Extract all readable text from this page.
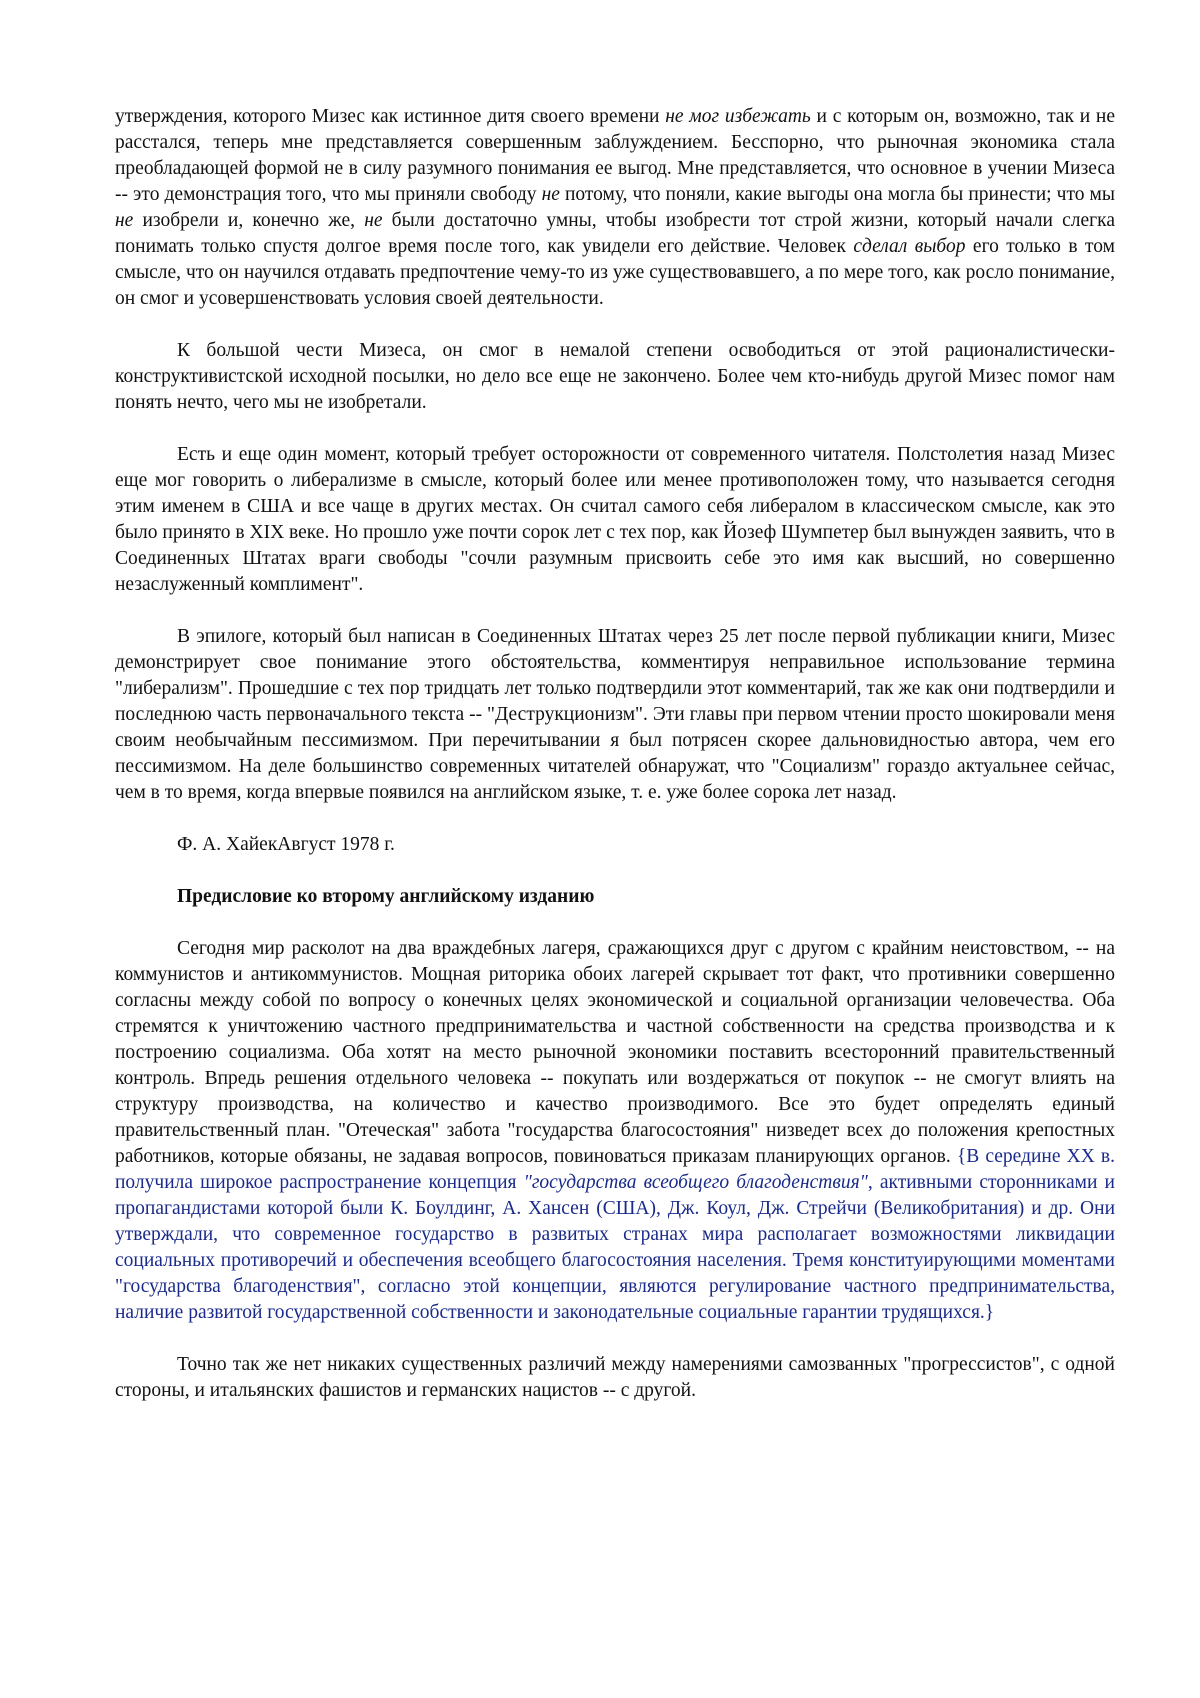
утверждения, которого Мизес как истинное дитя своего времени не мог избежать и с которым он, возможно, так и не расстался, теперь мне представляется совершенным заблуждением. Бесспорно, что рыночная экономика стала преобладающей формой не в силу разумного понимания ее выгод. Мне представляется, что основное в учении Мизеса -- это демонстрация того, что мы приняли свободу не потому, что поняли, какие выгоды она могла бы принести; что мы не изобрели и, конечно же, не были достаточно умны, чтобы изобрести тот строй жизни, который начали слегка понимать только спустя долгое время после того, как увидели его действие. Человек сделал выбор его только в том смысле, что он научился отдавать предпочтение чему-то из уже существовавшего, а по мере того, как росло понимание, он смог и усовершенствовать условия своей деятельности.

К большой чести Мизеса, он смог в немалой степени освободиться от этой рационалистически-конструктивистской исходной посылки, но дело все еще не закончено. Более чем кто-нибудь другой Мизес помог нам понять нечто, чего мы не изобретали.

Есть и еще один момент, который требует осторожности от современного читателя. Полстолетия назад Мизес еще мог говорить о либерализме в смысле, который более или менее противоположен тому, что называется сегодня этим именем в США и все чаще в других местах. Он считал самого себя либералом в классическом смысле, как это было принято в XIX веке. Но прошло уже почти сорок лет с тех пор, как Йозеф Шумпетер был вынужден заявить, что в Соединенных Штатах враги свободы "сочли разумным присвоить себе это имя как высший, но совершенно незаслуженный комплимент".

В эпилоге, который был написан в Соединенных Штатах через 25 лет после первой публикации книги, Мизес демонстрирует свое понимание этого обстоятельства, комментируя неправильное использование термина "либерализм". Прошедшие с тех пор тридцать лет только подтвердили этот комментарий, так же как они подтвердили и последнюю часть первоначального текста -- "Деструкционизм". Эти главы при первом чтении просто шокировали меня своим необычайным пессимизмом. При перечитывании я был потрясен скорее дальновидностью автора, чем его пессимизмом. На деле большинство современных читателей обнаружат, что "Социализм" гораздо актуальнее сейчас, чем в то время, когда впервые появился на английском языке, т. е. уже более сорока лет назад.

Ф. А. ХайекАвгуст 1978 г.

Предисловие ко второму английскому изданию

Сегодня мир расколот на два враждебных лагеря, сражающихся друг с другом с крайним неистовством, -- на коммунистов и антикоммунистов. Мощная риторика обоих лагерей скрывает тот факт, что противники совершенно согласны между собой по вопросу о конечных целях экономической и социальной организации человечества. Оба стремятся к уничтожению частного предпринимательства и частной собственности на средства производства и к построению социализма. Оба хотят на место рыночной экономики поставить всесторонний правительственный контроль. Впредь решения отдельного человека -- покупать или воздержаться от покупок -- не смогут влиять на структуру производства, на количество и качество производимого. Все это будет определять единый правительственный план. "Отеческая" забота "государства благосостояния" низведет всех до положения крепостных работников, которые обязаны, не задавая вопросов, повиноваться приказам планирующих органов. {В середине XX в. получила широкое распространение концепция "государства всеобщего благоденствия", активными сторонниками и пропагандистами которой были К. Боулдинг, А. Хансен (США), Дж. Коул, Дж. Стрейчи (Великобритания) и др. Они утверждали, что современное государство в развитых странах мира располагает возможностями ликвидации социальных противоречий и обеспечения всеобщего благосостояния населения. Тремя конституирующими моментами "государства благоденствия", согласно этой концепции, являются регулирование частного предпринимательства, наличие развитой государственной собственности и законодательные социальные гарантии трудящихся.}

Точно так же нет никаких существенных различий между намерениями самозванных "прогрессистов", с одной стороны, и итальянских фашистов и германских нацистов -- с другой.
